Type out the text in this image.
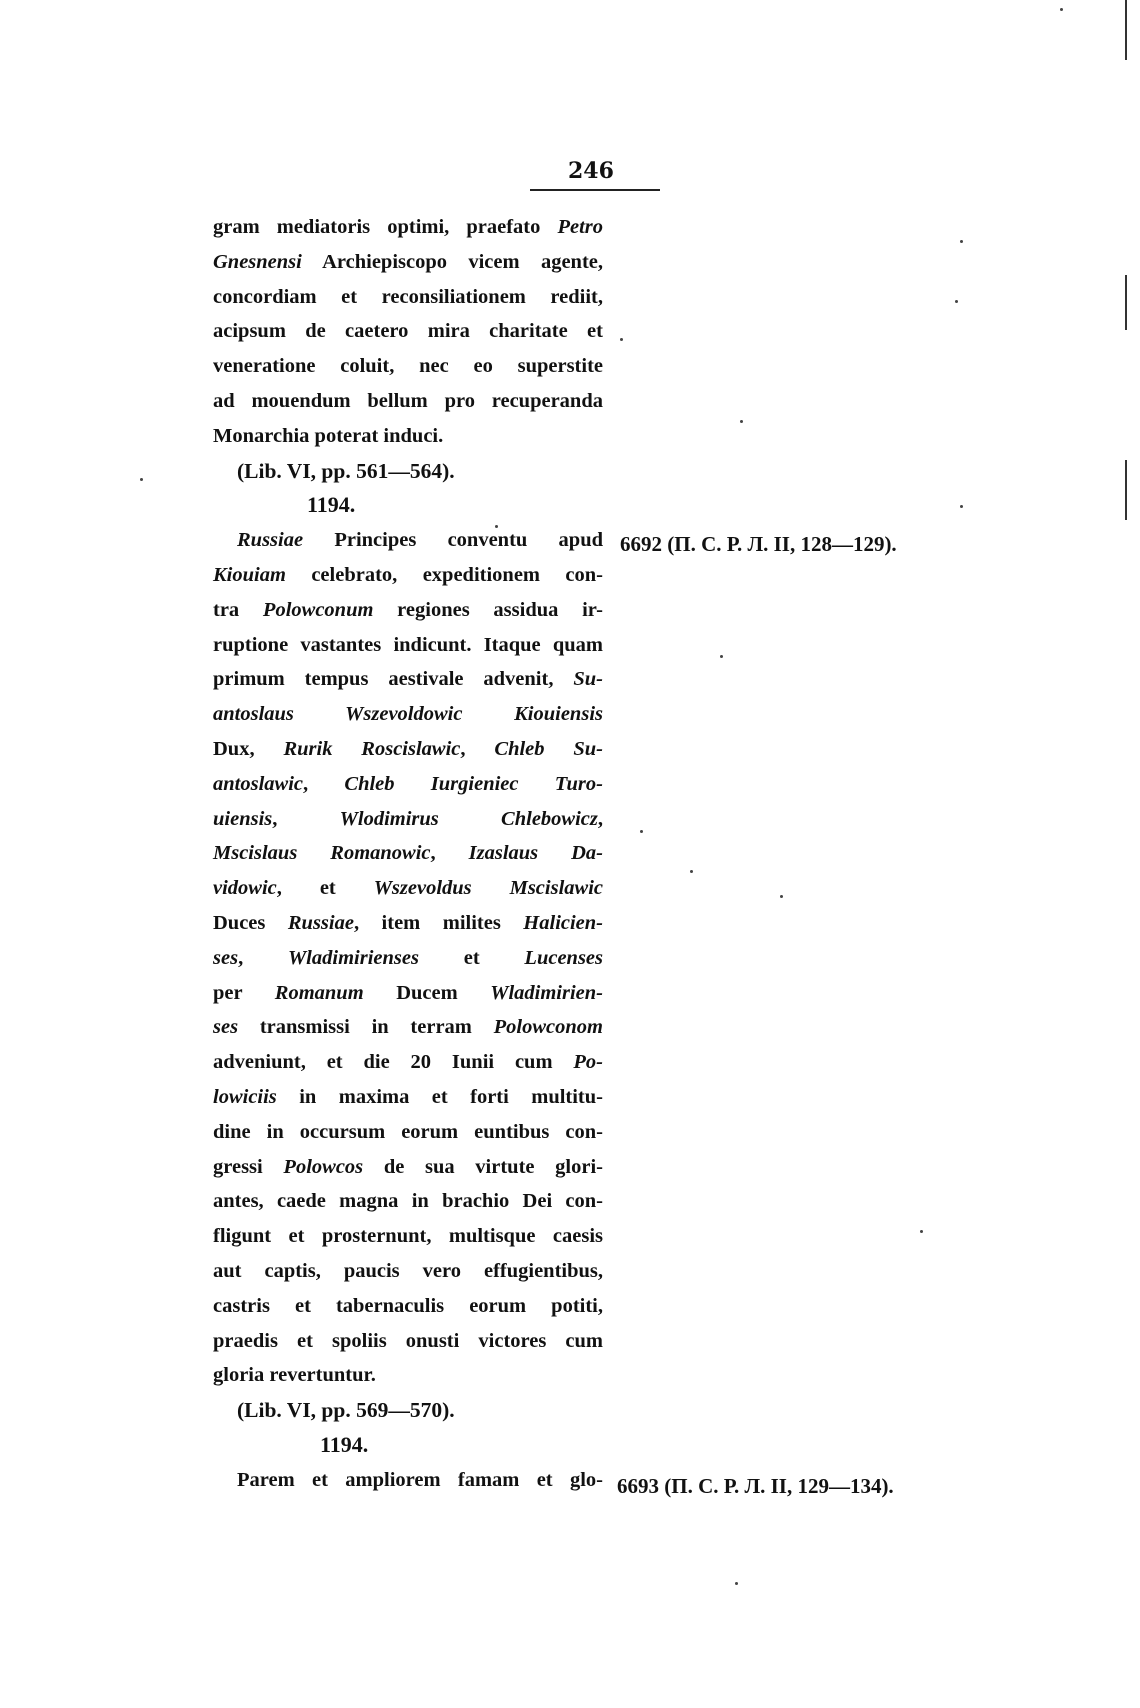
246
gram mediatoris optimi, praefato Petro
Gnesnensi Archiepiscopo vicem agente,
concordiam et reconsiliationem rediit,
acipsum de caetero mira charitate et
veneratione coluit, nec eo superstite
ad mouendum bellum pro recuperanda
Monarchia poterat induci.
(Lib. VI, pp. 561—564).
1194.
Russiae Principes conventu apud
Kiouiam celebrato, expeditionem con-
tra Polowconum regiones assidua ir-
ruptione vastantes indicunt. Itaque quam
primum tempus aestivale advenit, Su-
antoslaus Wszevoldowic Kiouiensis
Dux, Rurik Roscislawic, Chleb Su-
antoslawic, Chleb Iurgieniec Turo-
uiensis, Wlodimirus Chlebowicz,
Mscislaus Romanowic, Izaslaus Da-
vidowic, et Wszevoldus Mscislawic
Duces Russiae, item milites Halicien-
ses, Wladimirienses et Lucenses
per Romanum Ducem Wladimirien-
ses transmissi in terram Polowconom
adveniunt, et die 20 Iunii cum Po-
lowiciis in maxima et forti multitu-
dine in occursum eorum euntibus con-
gressi Polowcos de sua virtute glori-
antes, caede magna in brachio Dei con-
fligunt et prosternunt, multisque caesis
aut captis, paucis vero effugientibus,
castris et tabernaculis eorum potiti,
praedis et spoliis onusti victores cum
gloria revertuntur.
(Lib. VI, pp. 569—570).
1194.
Parem et ampliorem famam et glo-
6692 (П. С. Р. Л. II, 128—129).
6693 (П. С. Р. Л. II, 129—134).
